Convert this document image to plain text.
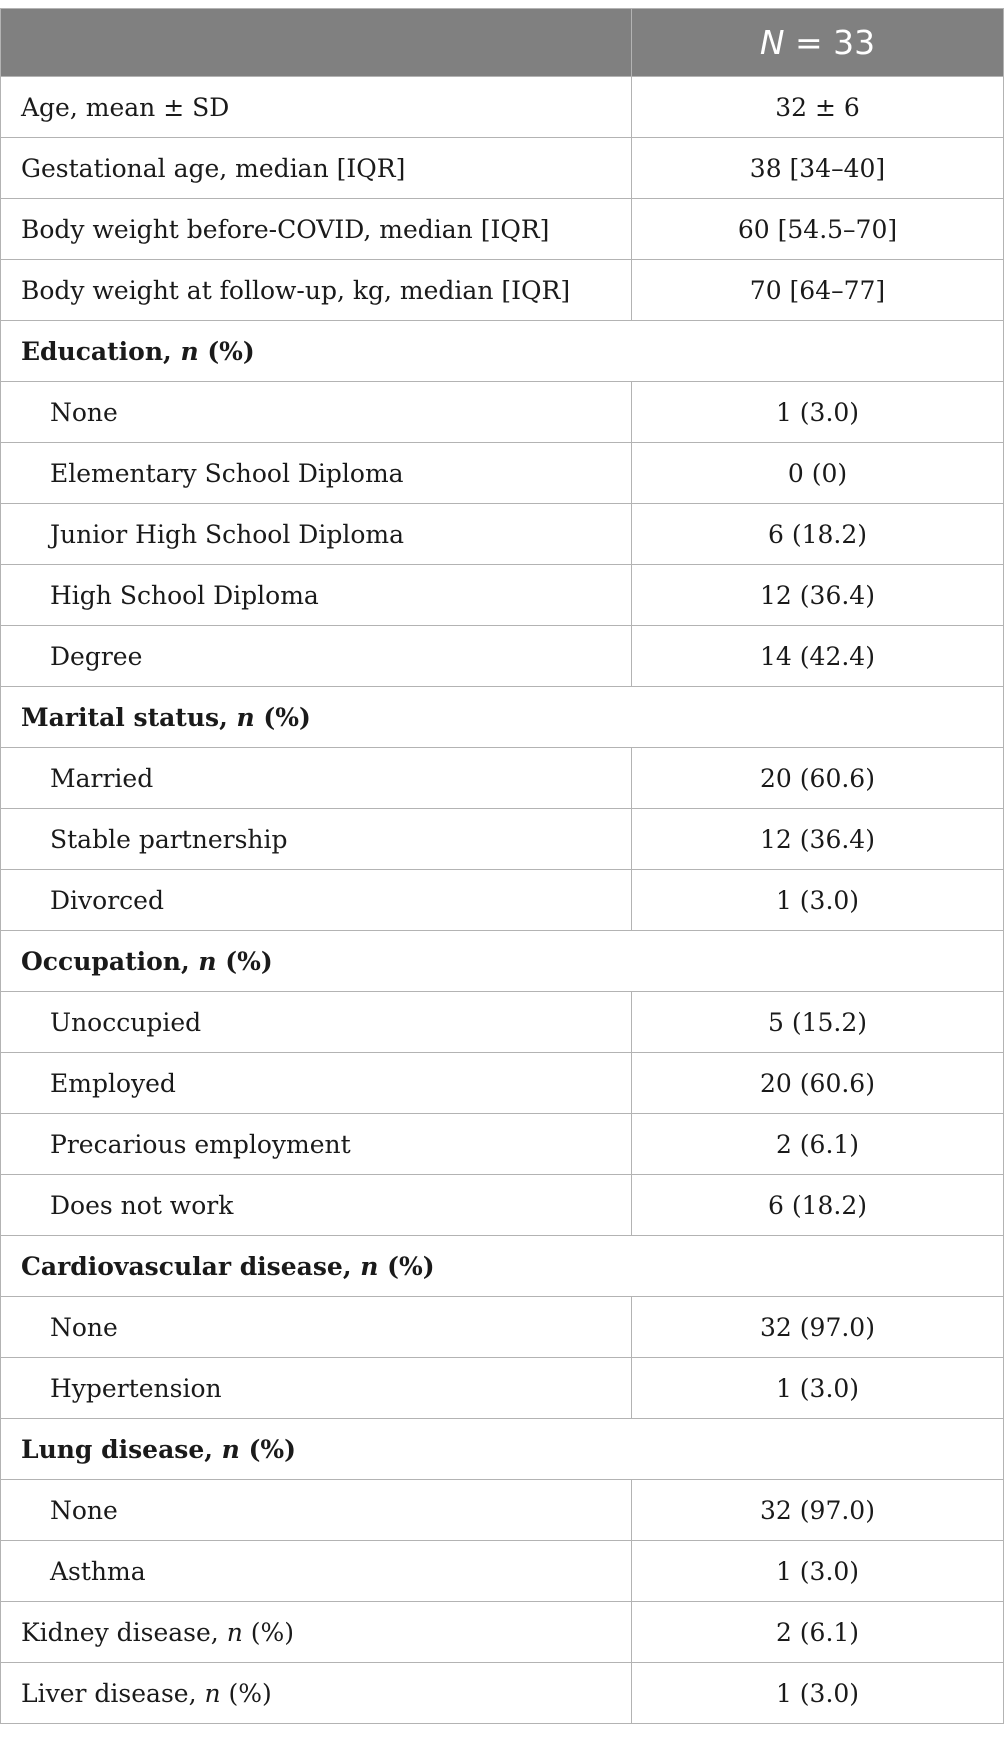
	N = 33
Age, mean ± SD	32 ± 6
Gestational age, median [IQR]	38 [34–40]
Body weight before-COVID, median [IQR]	60 [54.5–70]
Body weight at follow-up, kg, median [IQR]	70 [64–77]
Education, n (%)	
None	1 (3.0)
Elementary School Diploma	0 (0)
Junior High School Diploma	6 (18.2)
High School Diploma	12 (36.4)
Degree	14 (42.4)
Marital status, n (%)	
Married	20 (60.6)
Stable partnership	12 (36.4)
Divorced	1 (3.0)
Occupation, n (%)	
Unoccupied	5 (15.2)
Employed	20 (60.6)
Precarious employment	2 (6.1)
Does not work	6 (18.2)
Cardiovascular disease, n (%)	
None	32 (97.0)
Hypertension	1 (3.0)
Lung disease, n (%)	
None	32 (97.0)
Asthma	1 (3.0)
Kidney disease, n (%)	2 (6.1)
Liver disease, n (%)	1 (3.0)
